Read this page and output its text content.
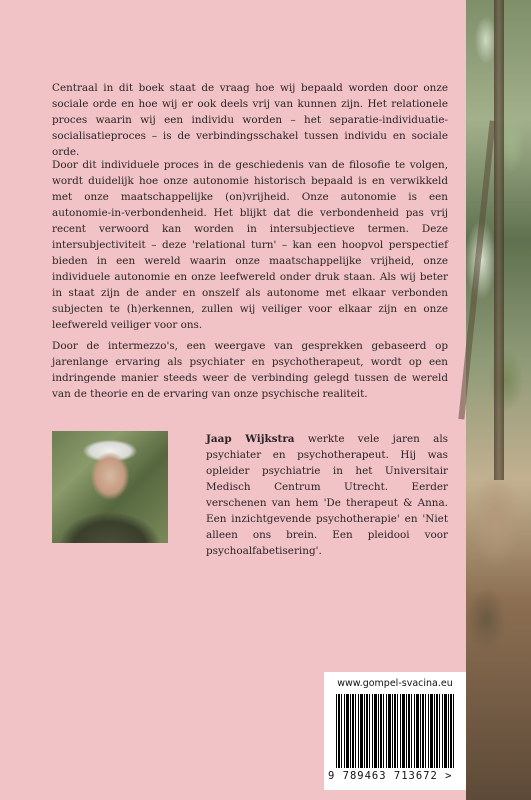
Centraal in dit boek staat de vraag hoe wij bepaald worden door onze sociale orde en hoe wij er ook deels vrij van kunnen zijn. Het relationele proces waarin wij een individu worden – het separatie-individuatie-socialisatieproces – is de verbindingsschakel tussen individu en sociale orde.

Door dit individuele proces in de geschiedenis van de filosofie te volgen, wordt duidelijk hoe onze autonomie historisch bepaald is en verwikkeld met onze maatschappelijke (on)vrijheid. Onze autonomie is een autonomie-in-verbondenheid. Het blijkt dat die verbondenheid pas vrij recent verwoord kan worden in intersubjectieve termen. Deze intersubjectiviteit – deze 'relational turn' – kan een hoopvol perspectief bieden in een wereld waarin onze maatschappelijke vrijheid, onze individuele autonomie en onze leefwereld onder druk staan. Als wij beter in staat zijn de ander en onszelf als autonome met elkaar verbonden subjecten te (h)erkennen, zullen wij veiliger voor elkaar zijn en onze leefwereld veiliger voor ons.

Door de intermezzo's, een weergave van gesprekken gebaseerd op jarenlange ervaring als psychiater en psychotherapeut, wordt op een indringende manier steeds weer de verbinding gelegd tussen de wereld van de theorie en de ervaring van onze psychische realiteit.

Jaap Wijkstra werkte vele jaren als psychiater en psychotherapeut. Hij was opleider psychiatrie in het Universitair Medisch Centrum Utrecht. Eerder verschenen van hem 'De therapeut & Anna. Een inzichtgevende psychotherapie' en 'Niet alleen ons brein. Een pleidooi voor psychoalfabetisering'.
www.gompel-svacina.eu
9 789463 713672 >
